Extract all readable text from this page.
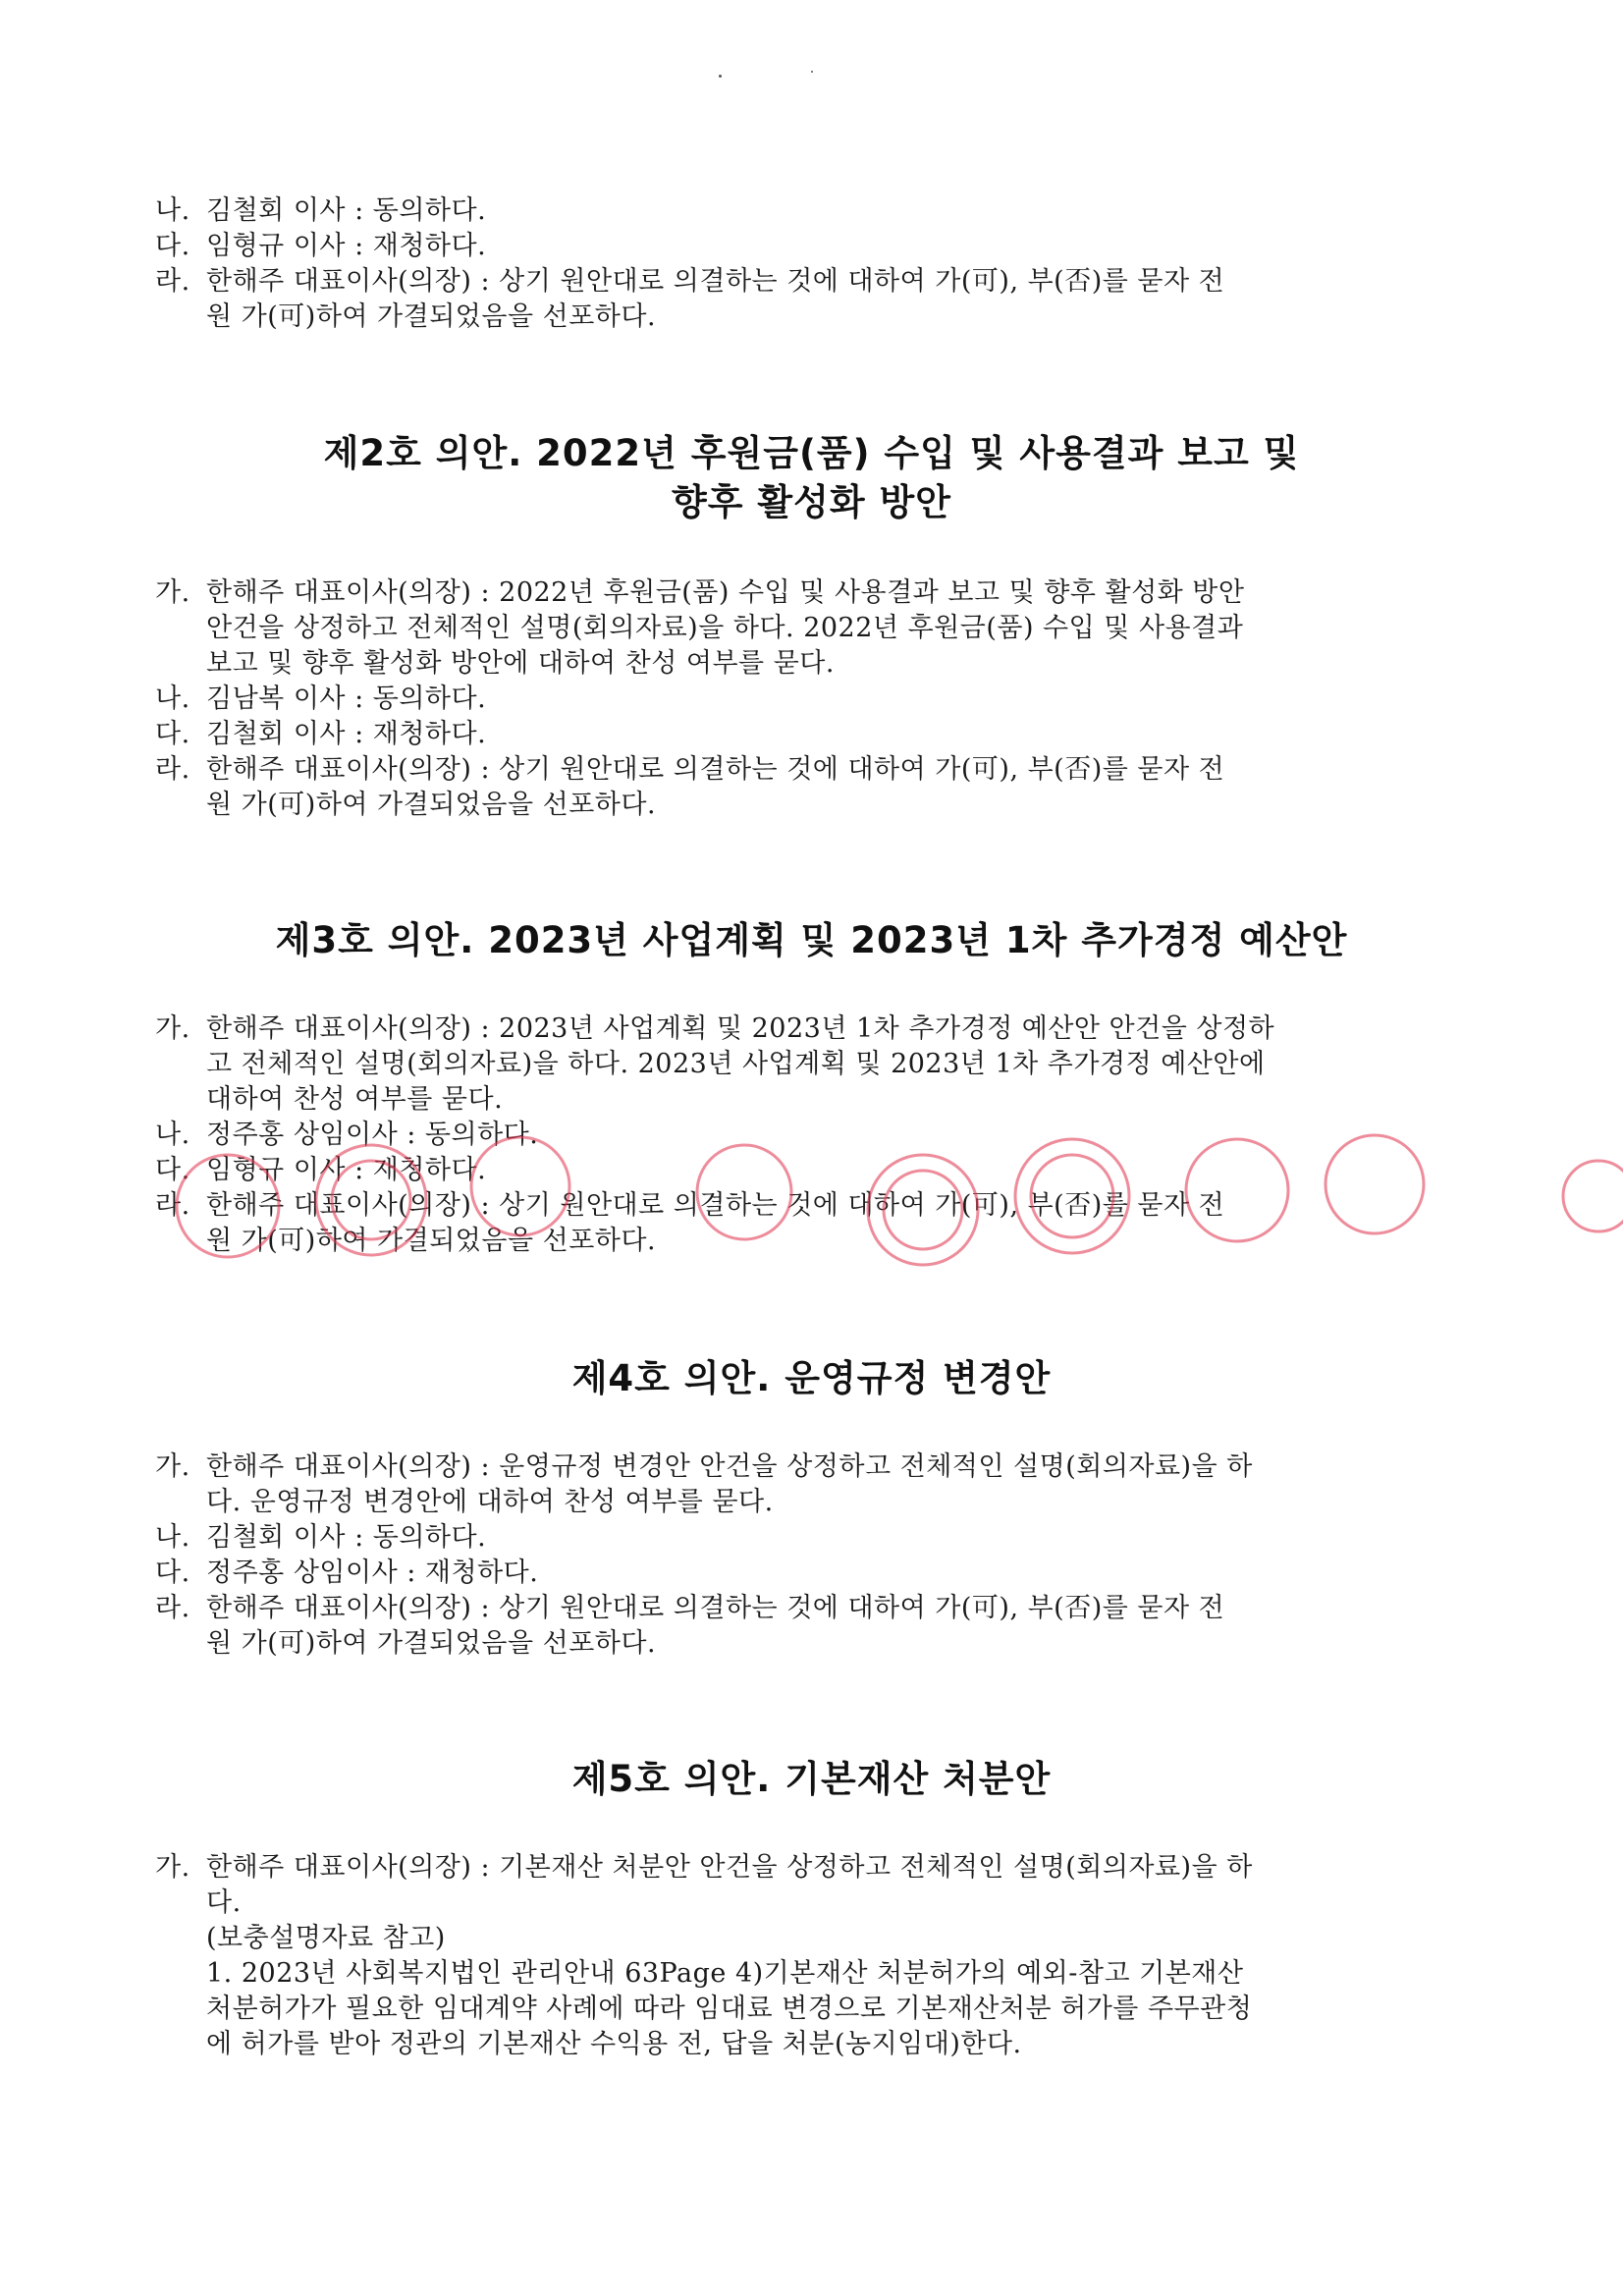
나. 김철회 이사 : 동의하다.
다. 임형규 이사 : 재청하다.
라. 한해주 대표이사(의장) : 상기 원안대로 의결하는 것에 대하여 가(可), 부(否)를 묻자 전
원 가(可)하여 가결되었음을 선포하다.
제2호 의안. 2022년 후원금(품) 수입 및 사용결과 보고 및
향후 활성화 방안
가. 한해주 대표이사(의장) : 2022년 후원금(품) 수입 및 사용결과 보고 및 향후 활성화 방안
안건을 상정하고 전체적인 설명(회의자료)을 하다. 2022년 후원금(품) 수입 및 사용결과
보고 및 향후 활성화 방안에 대하여 찬성 여부를 묻다.
나. 김남복 이사 : 동의하다.
다. 김철회 이사 : 재청하다.
라. 한해주 대표이사(의장) : 상기 원안대로 의결하는 것에 대하여 가(可), 부(否)를 묻자 전
원 가(可)하여 가결되었음을 선포하다.
제3호 의안. 2023년 사업계획 및 2023년 1차 추가경정 예산안
가. 한해주 대표이사(의장) : 2023년 사업계획 및 2023년 1차 추가경정 예산안 안건을 상정하
고 전체적인 설명(회의자료)을 하다. 2023년 사업계획 및 2023년 1차 추가경정 예산안에
대하여 찬성 여부를 묻다.
나. 정주홍 상임이사 : 동의하다.
다. 임형규 이사 : 재청하다.
라. 한해주 대표이사(의장) : 상기 원안대로 의결하는 것에 대하여 가(可), 부(否)를 묻자 전
원 가(可)하여 가결되었음을 선포하다.
제4호 의안. 운영규정 변경안
가. 한해주 대표이사(의장) : 운영규정 변경안 안건을 상정하고 전체적인 설명(회의자료)을 하
다. 운영규정 변경안에 대하여 찬성 여부를 묻다.
나. 김철회 이사 : 동의하다.
다. 정주홍 상임이사 : 재청하다.
라. 한해주 대표이사(의장) : 상기 원안대로 의결하는 것에 대하여 가(可), 부(否)를 묻자 전
원 가(可)하여 가결되었음을 선포하다.
제5호 의안. 기본재산 처분안
가. 한해주 대표이사(의장) : 기본재산 처분안 안건을 상정하고 전체적인 설명(회의자료)을 하
다.
(보충설명자료 참고)
1. 2023년 사회복지법인 관리안내 63Page 4)기본재산 처분허가의 예외-참고 기본재산
처분허가가 필요한 임대계약 사례에 따라 임대료 변경으로 기본재산처분 허가를 주무관청
에 허가를 받아 정관의 기본재산 수익용 전, 답을 처분(농지임대)한다.
